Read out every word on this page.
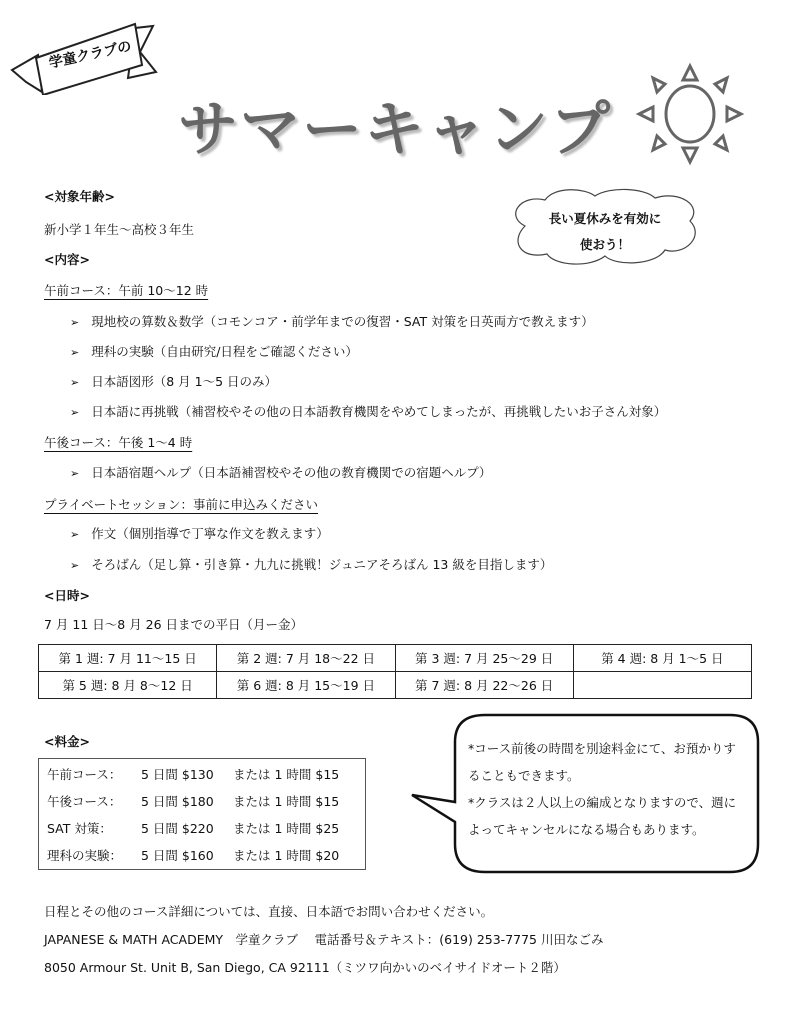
学童クラブの
サマーキャンプ
長い夏休みを有効に
使おう！
<対象年齢>
新小学１年生～高校３年生
<内容>
午前コース：午前 10～12 時
➢ 現地校の算数＆数学（コモンコア・前学年までの復習・SAT 対策を日英両方で教えます）
➢ 理科の実験（自由研究/日程をご確認ください）
➢ 日本語図形（8 月 1～5 日のみ）
➢ 日本語に再挑戦（補習校やその他の日本語教育機関をやめてしまったが、再挑戦したいお子さん対象）
午後コース：午後 1～4 時
➢ 日本語宿題ヘルプ（日本語補習校やその他の教育機関での宿題ヘルプ）
プライベートセッション：事前に申込みください
➢ 作文（個別指導で丁寧な作文を教えます）
➢ そろばん（足し算・引き算・九九に挑戦！ジュニアそろばん 13 級を目指します）
<日時>
7 月 11 日～8 月 26 日までの平日（月ー金）
第 1 週: 7 月 11～15 日	第 2 週: 7 月 18～22 日	第 3 週: 7 月 25～29 日	第 4 週: 8 月 1～5 日
第 5 週: 8 月 8～12 日	第 6 週: 8 月 15～19 日	第 7 週: 8 月 22～26 日	
<料金>
午前コース： 5 日間 $130 または 1 時間 $15
午後コース： 5 日間 $180 または 1 時間 $15
SAT 対策： 5 日間 $220 または 1 時間 $25
理科の実験： 5 日間 $160 または 1 時間 $20
*コース前後の時間を別途料金にて、お預かりすることもできます。
*クラスは２人以上の編成となりますので、週によってキャンセルになる場合もあります。
日程とその他のコース詳細については、直接、日本語でお問い合わせください。
JAPANESE & MATH ACADEMY　学童クラブ　 電話番号＆テキスト：(619) 253-7775 川田なごみ
8050 Armour St. Unit B, San Diego, CA 92111（ミツワ向かいのベイサイドオート２階）
